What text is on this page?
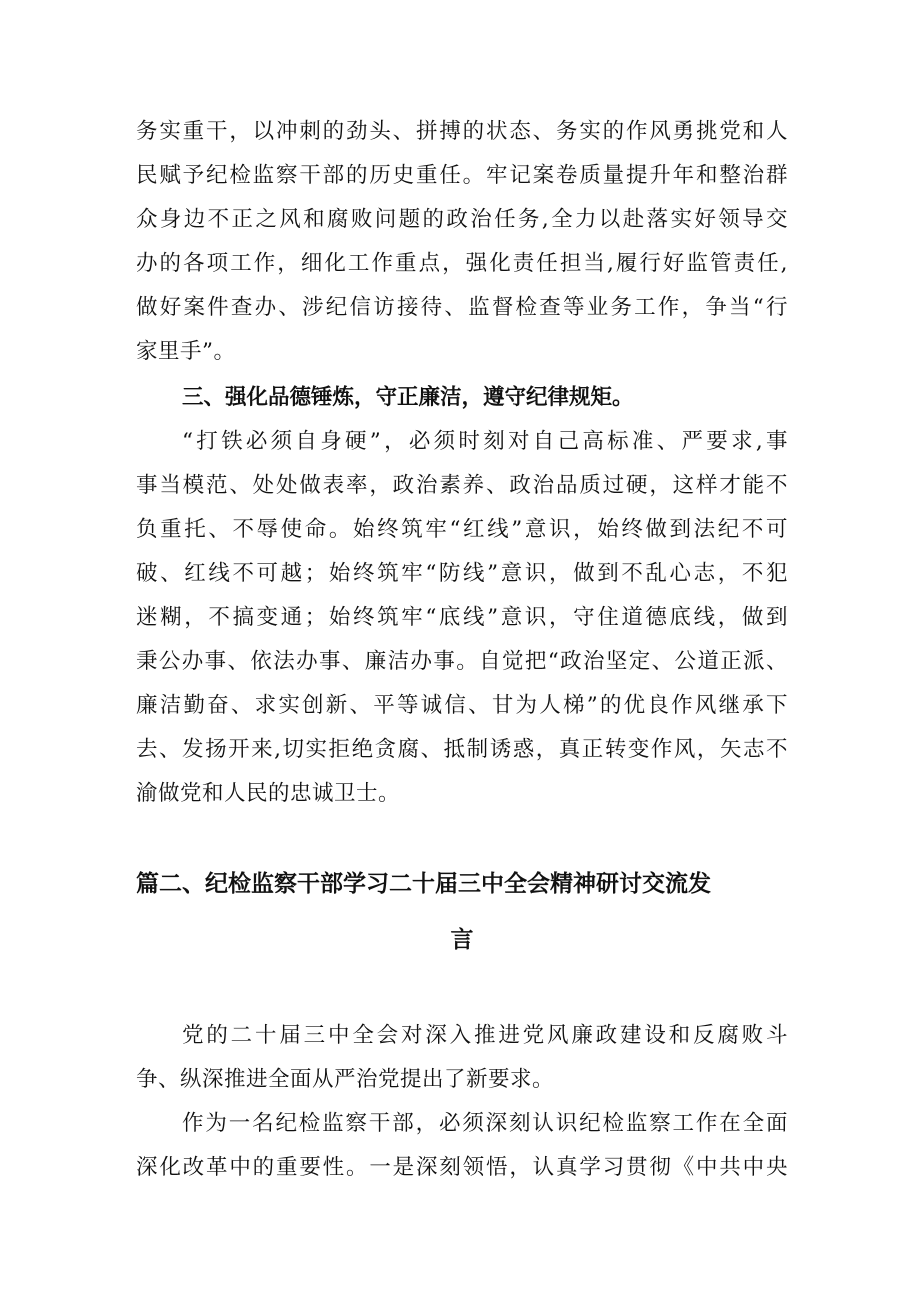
务实重干，以冲刺的劲头、拼搏的状态、务实的作风勇挑党和人
民赋予纪检监察干部的历史重任。牢记案卷质量提升年和整治群
众身边不正之风和腐败问题的政治任务,全力以赴落实好领导交
办的各项工作，细化工作重点，强化责任担当,履行好监管责任,
做好案件查办、涉纪信访接待、监督检查等业务工作，争当“行
家里手”。
三、强化品德锤炼，守正廉洁，遵守纪律规矩。
“打铁必须自身硬”，必须时刻对自己高标准、严要求,事
事当模范、处处做表率，政治素养、政治品质过硬，这样才能不
负重托、不辱使命。始终筑牢“红线”意识，始终做到法纪不可
破、红线不可越；始终筑牢“防线”意识，做到不乱心志，不犯
迷糊，不搞变通；始终筑牢“底线”意识，守住道德底线，做到
秉公办事、依法办事、廉洁办事。自觉把“政治坚定、公道正派、
廉洁勤奋、求实创新、平等诚信、甘为人梯”的优良作风继承下
去、发扬开来,切实拒绝贪腐、抵制诱惑，真正转变作风，矢志不
渝做党和人民的忠诚卫士。
篇二、纪检监察干部学习二十届三中全会精神研讨交流发
言
党的二十届三中全会对深入推进党风廉政建设和反腐败斗
争、纵深推进全面从严治党提出了新要求。
作为一名纪检监察干部，必须深刻认识纪检监察工作在全面
深化改革中的重要性。一是深刻领悟，认真学习贯彻《中共中央
